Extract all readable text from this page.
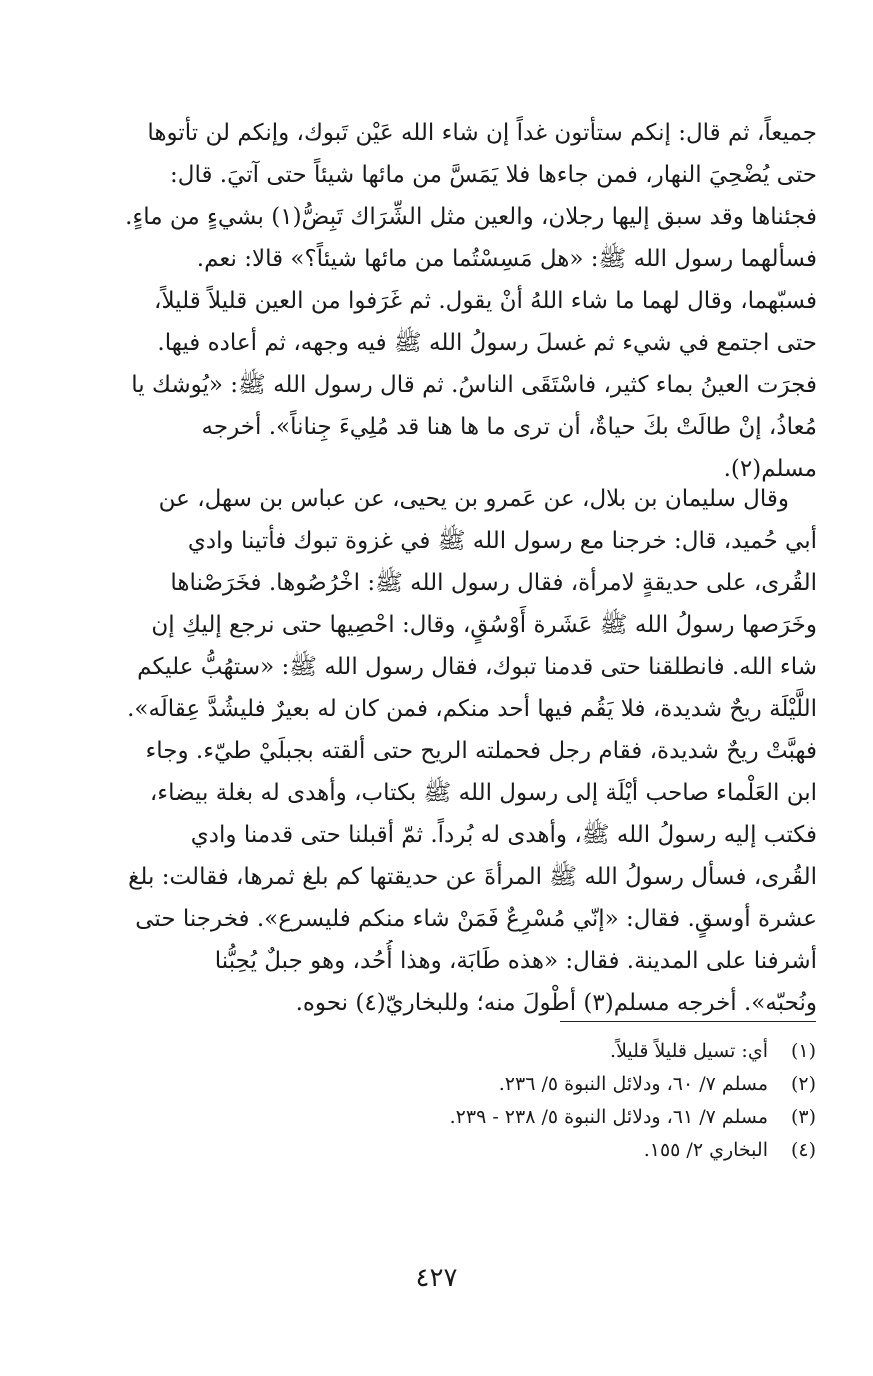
جميعاً، ثم قال: إنكم ستأتون غداً إن شاء الله عَيْن تَبوك، وإنكم لن تأتوها
حتى يُضْحِيَ النهار، فمن جاءها فلا يَمَسَّ من مائها شيئاً حتى آتيَ. قال:
فجئناها وقد سبق إليها رجلان، والعين مثل الشِّرَاك تَبِضُّ(١) بشيءٍ من ماءٍ.
فسألهما رسول الله ﷺ: «هل مَسِسْتُما من مائها شيئاً؟» قالا: نعم.
فسبّهما، وقال لهما ما شاء اللهُ أنْ يقول. ثم غَرَفوا من العين قليلاً قليلاً،
حتى اجتمع في شيء ثم غسلَ رسولُ الله ﷺ فيه وجهه، ثم أعاده فيها.
فجرَت العينُ بماء كثير، فاسْتَقَى الناسُ. ثم قال رسول الله ﷺ: «يُوشك يا
مُعاذُ، إنْ طالَتْ بكَ حياةٌ، أن ترى ما ها هنا قد مُلِيءَ جِناناً». أخرجه
مسلم(٢).
وقال سليمان بن بلال، عن عَمرو بن يحيى، عن عباس بن سهل، عن
أبي حُميد، قال: خرجنا مع رسول الله ﷺ في غزوة تبوك فأتينا وادي
القُرى، على حديقةٍ لامرأة، فقال رسول الله ﷺ: اخْرُصُوها. فخَرَصْناها
وخَرَصها رسولُ الله ﷺ عَشَرة أَوْسُقٍ، وقال: احْصِيها حتى نرجع إليكِ إن
شاء الله. فانطلقنا حتى قدمنا تبوك، فقال رسول الله ﷺ: «ستهُبُّ عليكم
اللَّيْلَة ريحٌ شديدة، فلا يَقُم فيها أحد منكم، فمن كان له بعيرٌ فليشُدَّ عِقالَه».
فهبَّتْ ريحٌ شديدة، فقام رجل فحملته الريح حتى ألقته بجبلَيْ طيّء. وجاء
ابن العَلْماء صاحب أيْلَة إلى رسول الله ﷺ بكتاب، وأهدى له بغلة بيضاء،
فكتب إليه رسولُ الله ﷺ، وأهدى له بُرداً. ثمّ أقبلنا حتى قدمنا وادي
القُرى، فسأل رسولُ الله ﷺ المرأةَ عن حديقتها كم بلغ ثمرها، فقالت: بلغ
عشرة أوسقٍ. فقال: «إنّي مُسْرِعٌ فَمَنْ شاء منكم فليسرع». فخرجنا حتى
أشرفنا على المدينة. فقال: «هذه طَابَة، وهذا أُحُد، وهو جبلٌ يُحِبُّنا
ونُحبّه». أخرجه مسلم(٣) أطْولَ منه؛ وللبخاريّ(٤) نحوه.
(١)
أي: تسيل قليلاً قليلاً.
(٢)
مسلم ٧/ ٦٠، ودلائل النبوة ٥/ ٢٣٦.
(٣)
مسلم ٧/ ٦١، ودلائل النبوة ٥/ ٢٣٨ - ٢٣٩.
(٤)
البخاري ٢/ ١٥٥.
٤٢٧
